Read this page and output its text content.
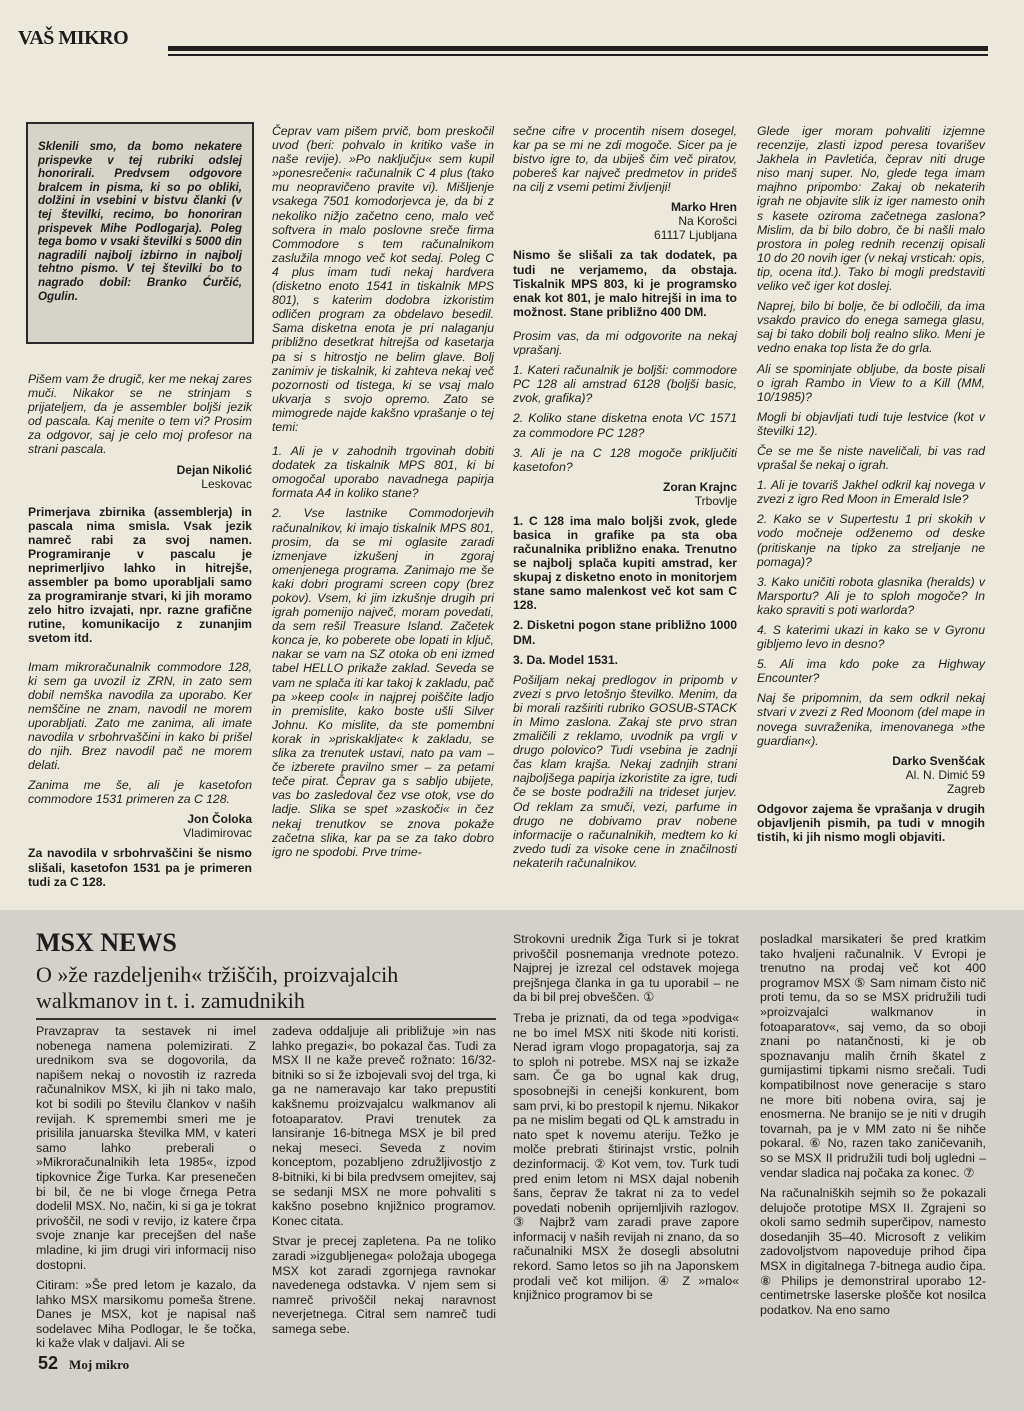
VAŠ MIKRO
Sklenili smo, da bomo nekatere prispevke v tej rubriki odslej honorirali. Predvsem odgovore bralcem in pisma, ki so po obliki, dolžini in vsebini v bistvu članki (v tej številki, recimo, bo honoriran prispevek Mihe Podlogarja). Poleg tega bomo v vsaki številki s 5000 din nagradili najbolj izbirno in najbolj tehtno pismo. V tej številki bo to nagrado dobil: Branko Ćurčić, Ogulin.

Pišem vam že drugič, ker me nekaj zares muči. Nikakor se ne strinjam s prijateljem, da je assembler boljši jezik od pascala. Kaj menite o tem vi? Prosim za odgovor, saj je celo moj profesor na strani pascala.

Dejan Nikolić
Leskovac

Primerjava zbirnika (assemblerja) in pascala nima smisla. Vsak jezik namreč rabi za svoj namen. Programiranje v pascalu je neprimerljivo lahko in hitrejše, assembler pa bomo uporabljali samo za programiranje stvari, ki jih moramo zelo hitro izvajati, npr. razne grafične rutine, komunikacijo z zunanjim svetom itd.

Imam mikroračunalnik commodore 128, ki sem ga uvozil iz ZRN, in zato sem dobil nemška navodila za uporabo. Ker nemščine ne znam, navodil ne morem uporabljati. Zato me zanima, ali imate navodila v srbohrvaščini in kako bi prišel do njih. Brez navodil pač ne morem delati.

Zanima me še, ali je kasetofon commodore 1531 primeren za C 128.

Jon Čoloka
Vladimirovac

Za navodila v srbohrvaščini še nismo slišali, kasetofon 1531 pa je primeren tudi za C 128.

Čeprav vam pišem prvič, bom preskočil uvod (beri: pohvalo in kritiko vaše in naše revije). »Po naključju« sem kupil »ponesrečeni« računalnik C 4 plus (tako mu neopravičeno pravite vi). Mišljenje vsakega 7501 komodorjevca je, da bi z nekoliko nižjo začetno ceno, malo več softvera in malo poslovne sreče firma Commodore s tem računalnikom zaslužila mnogo več kot sedaj. Poleg C 4 plus imam tudi nekaj hardvera (disketno enoto 1541 in tiskalnik MPS 801), s katerim dodobra izkoristim odličen program za obdelavo besedil. Sama disketna enota je pri nalaganju približno desetkrat hitrejša od kasetarja pa si s hitrostjo ne belim glave. Bolj zanimiv je tiskalnik, ki zahteva nekaj več pozornosti od tistega, ki se vsaj malo ukvarja s svojo opremo. Zato se mimogrede najde kakšno vprašanje o tej temi:

1. Ali je v zahodnih trgovinah dobiti dodatek za tiskalnik MPS 801, ki bi omogočal uporabo navadnega papirja formata A4 in koliko stane?

2. Vse lastnike Commodorjevih računalnikov, ki imajo tiskalnik MPS 801, prosim, da se mi oglasite zaradi izmenjave izkušenj in zgoraj omenjenega programa. Zanimajo me še kaki dobri programi screen copy (brez pokov). Vsem, ki jim izkušnje drugih pri igrah pomenijo največ, moram povedati, da sem rešil Treasure Island. Začetek konca je, ko poberete obe lopati in ključ, nakar se vam na SZ otoka ob eni izmed tabel HELLO prikaže zaklad. Seveda se vam ne splača iti kar takoj k zakladu, pač pa »keep cool« in najprej poiščite ladjo in premislite, kako boste ušli Silver Johnu. Ko mislite, da ste pomembni korak in »priskakljate« k zakladu, se slika za trenutek ustavi, nato pa vam – če izberete pravilno smer – za petami teče pirat. Čeprav ga s sabljo ubijete, vas bo zasledoval čez vse otok, vse do ladje. Slika se spet »zaskoči« in čez nekaj trenutkov se znova pokaže začetna slika, kar pa se za tako dobro igro ne spodobi. Prve trime-

sečne cifre v procentih nisem dosegel, kar pa se mi ne zdi mogoče. Sicer pa je bistvo igre to, da ubiješ čim več piratov, pobereš kar največ predmetov in prideš na cilj z vsemi petimi življenji!

Marko Hren
Na Korošci
61117 Ljubljana

Nismo še slišali za tak dodatek, pa tudi ne verjamemo, da obstaja. Tiskalnik MPS 803, ki je programsko enak kot 801, je malo hitrejši in ima to možnost. Stane približno 400 DM.

Prosim vas, da mi odgovorite na nekaj vprašanj.

1. Kateri računalnik je boljši: commodore PC 128 ali amstrad 6128 (boljši basic, zvok, grafika)?

2. Koliko stane disketna enota VC 1571 za commodore PC 128?

3. Ali je na C 128 mogoče priključiti kasetofon?

Zoran Krajnc
Trbovlje

1. C 128 ima malo boljši zvok, glede basica in grafike pa sta oba računalnika približno enaka. Trenutno se najbolj splača kupiti amstrad, ker skupaj z disketno enoto in monitorjem stane samo malenkost več kot sam C 128.

2. Disketni pogon stane približno 1000 DM.

3. Da. Model 1531.

Pošiljam nekaj predlogov in pripomb v zvezi s prvo letošnjo številko. Menim, da bi morali razširiti rubriko GOSUB-STACK in Mimo zaslona. Zakaj ste prvo stran zmaličili z reklamo, uvodnik pa vrgli v drugo polovico? Tudi vsebina je zadnji čas klam krajša. Nekaj zadnjih strani najboljšega papirja izkoristite za igre, tudi če se boste podražili na trideset jurjev. Od reklam za smuči, vezi, parfume in drugo ne dobivamo prav nobene informacije o računalnikih, medtem ko ki zvedo tudi za visoke cene in značilnosti nekaterih računalnikov.

Glede iger moram pohvaliti izjemne recenzije, zlasti izpod peresa tovarišev Jakhela in Pavletića, čeprav niti druge niso manj super. No, glede tega imam majhno pripombo: Zakaj ob nekaterih igrah ne objavite slik iz iger namesto onih s kasete oziroma začetnega zaslona? Mislim, da bi bilo dobro, če bi našli malo prostora in poleg rednih recenzij opisali 10 do 20 novih iger (v nekaj vrsticah: opis, tip, ocena itd.). Tako bi mogli predstaviti veliko več iger kot doslej.

Naprej, bilo bi bolje, če bi odločili, da ima vsakdo pravico do enega samega glasu, saj bi tako dobili bolj realno sliko. Meni je vedno enaka top lista že do grla.

Ali se spominjate obljube, da boste pisali o igrah Rambo in View to a Kill (MM, 10/1985)?

Mogli bi objavljati tudi tuje lestvice (kot v številki 12).

Če se me še niste naveličali, bi vas rad vprašal še nekaj o igrah.

1. Ali je tovariš Jakhel odkril kaj novega v zvezi z igro Red Moon in Emerald Isle?

2. Kako se v Supertestu 1 pri skokih v vodo močneje odženemo od deske (pritiskanje na tipko za streljanje ne pomaga)?

3. Kako uničiti robota glasnika (heralds) v Marsportu? Ali je to sploh mogoče? In kako spraviti s poti warlorda?

4. S katerimi ukazi in kako se v Gyronu gibljemo levo in desno?

5. Ali ima kdo poke za Highway Encounter?

Naj še pripomnim, da sem odkril nekaj stvari v zvezi z Red Moonom (del mape in novega suvraženika, imenovanega »the guardian«).

Darko Svenšćak
Al. N. Dimić 59
Zagreb

Odgovor zajema še vprašanja v drugih objavljenih pismih, pa tudi v mnogih tistih, ki jih nismo mogli objaviti.

MSX NEWS
O »že razdeljenih« tržiščih, proizvajalcih walkmanov in t. i. zamudnikih

Pravzaprav ta sestavek ni imel nobenega namena polemizirati. Z urednikom sva se dogovorila, da napišem nekaj o novostih iz razreda računalnikov MSX, ki jih ni tako malo, kot bi sodili po številu člankov v naših revijah. K spremembi smeri me je prisilila januarska številka MM, v kateri samo lahko preberali o »Mikroračunalnikih leta 1985«, izpod tipkovnice Žige Turka. Kar presenečen bi bil, če ne bi vloge črnega Petra dodelil MSX. No, način, ki si ga je tokrat privoščil, ne sodi v revijo, iz katere črpa svoje znanje kar precejšen del naše mladine, ki jim drugi viri informacij niso dostopni.

Citiram: »Še pred letom je kazalo, da lahko MSX marsikomu pomeša štrene. Danes je MSX, kot je napisal naš sodelavec Miha Podlogar, le še točka, ki kaže vlak v daljavi. Ali se

zadeva oddaljuje ali približuje »in nas lahko pregazi«, bo pokazal čas. Tudi za MSX II ne kaže preveč rožnato: 16/32-bitniki so si že izbojevali svoj del trga, ki ga ne nameravajo kar tako prepustiti kakšnemu proizvajalcu walkmanov ali fotoaparatov. Pravi trenutek za lansiranje 16-bitnega MSX je bil pred nekaj meseci. Seveda z novim konceptom, pozabljeno združljivostjo z 8-bitniki, ki bi bila predvsem omejitev, saj se sedanji MSX ne more pohvaliti s kakšno posebno knjižnico programov. Konec citata.

Stvar je precej zapletena. Pa ne toliko zaradi »izgubljenega« položaja ubogega MSX kot zaradi zgornjega ravnokar navedenega odstavka. V njem sem si namreč privoščil nekaj naravnost neverjetnega. Citral sem namreč tudi samega sebe.

Strokovni urednik Žiga Turk si je tokrat privoščil posnemanja vrednote potezo. Najprej je izrezal cel odstavek mojega prejšnjega članka in ga tu uporabil – ne da bi bil prej obveščen. ①

Treba je priznati, da od tega »podviga« ne bo imel MSX niti škode niti koristi. Nerad igram vlogo propagatorja, saj za to sploh ni potrebe. MSX naj se izkaže sam. Če ga bo ugnal kak drug, sposobnejši in cenejši konkurent, bom sam prvi, ki bo prestopil k njemu. Nikakor pa ne mislim begati od QL k amstradu in nato spet k novemu ateriju. Težko je molče prebrati štirinajst vrstic, polnih dezinformacij. ② Kot vem, tov. Turk tudi pred enim letom ni MSX dajal nobenih šans, čeprav že takrat ni za to vedel povedati nobenih oprijemljivih razlogov. ③ Najbrž vam zaradi prave zapore informacij v naših revijah ni znano, da so računalniki MSX že dosegli absolutni rekord. Samo letos so jih na Japonskem prodali več kot milijon. ④ Z »malo« knjižnico programov bi se

posladkal marsikateri še pred kratkim tako hvaljeni računalnik. V Evropi je trenutno na prodaj več kot 400 programov MSX ⑤ Sam nimam čisto nič proti temu, da so se MSX pridružili tudi »proizvajalci walkmanov in fotoaparatov«, saj vemo, da so oboji znani po natančnosti, ki je ob spoznavanju malih črnih škatel z gumijastimi tipkami nismo srečali. Tudi kompatibilnost nove generacije s staro ne more biti nobena ovira, saj je enosmerna. Ne branijo se je niti v drugih tovarnah, pa je v MM zato ni še nihče pokaral. ⑥ No, razen tako zaničevanih, so se MSX II pridružili tudi bolj ugledni – vendar sladica naj počaka za konec. ⑦

Na računalniških sejmih so že pokazali delujoče prototipe MSX II. Zgrajeni so okoli samo sedmih superčipov, namesto dosedanjih 35–40. Microsoft z velikim zadovoljstvom napoveduje prihod čipa MSX in digitalnega 7-bitnega audio čipa. ⑧ Philips je demonstriral uporabo 12-centimetrske laserske plošče kot nosilca podatkov. Na eno samo

52 Moj mikro
